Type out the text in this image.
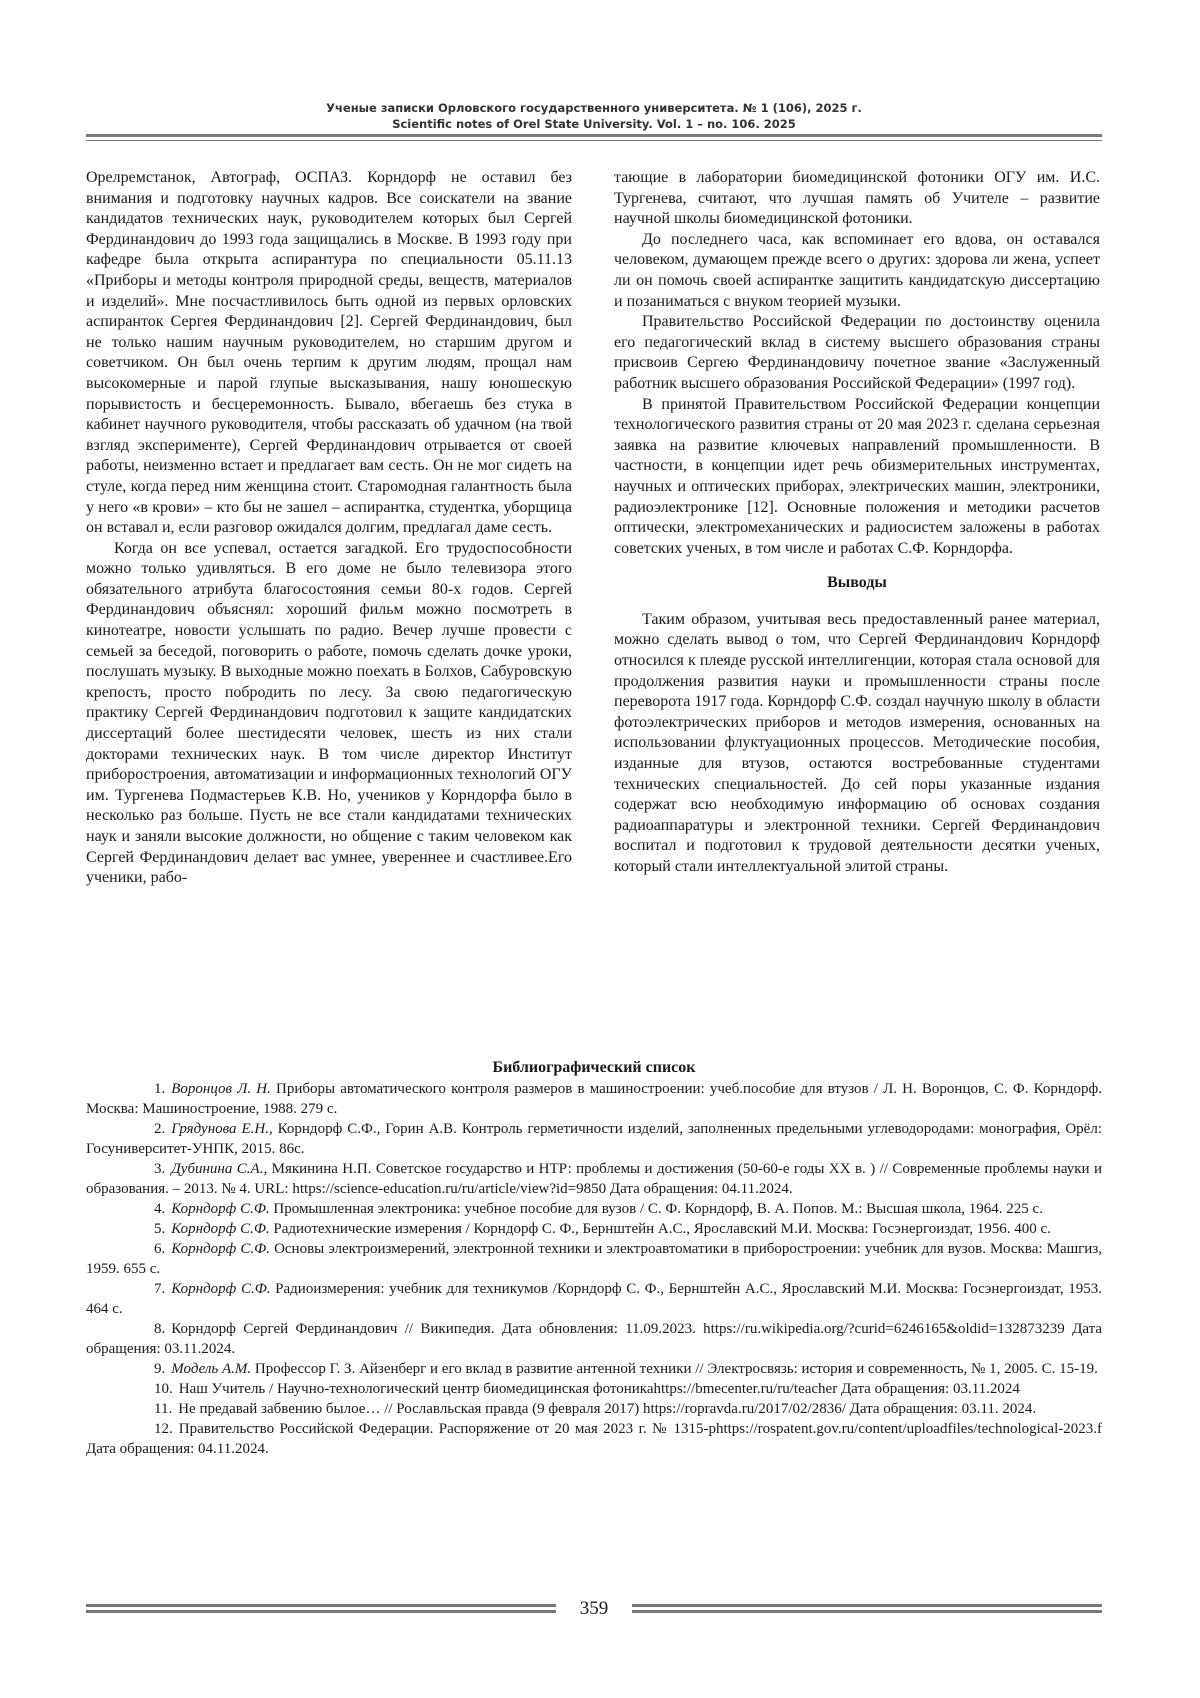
Ученые записки Орловского государственного университета. № 1 (106), 2025 г.
Scientific notes of Orel State University. Vol. 1 – no. 106. 2025

Орелремстанок, Автограф, ОСПАЗ. Корндорф не оставил без внимания и подготовку научных кадров. Все соискатели на звание кандидатов технических наук, руководителем которых был Сергей Фердинандович до 1993 года защищались в Москве. В 1993 году при кафедре была открыта аспирантура по специальности 05.11.13 «Приборы и методы контроля природной среды, веществ, материалов и изделий». Мне посчастливилось быть одной из первых орловских аспиранток Сергея Фердинандович [2]. Сергей Фердинандович, был не только нашим научным руководителем, но старшим другом и советчиком. Он был очень терпим к другим людям, прощал нам высокомерные и парой глупые высказывания, нашу юношескую порывистость и бесцеремонность. Бывало, вбегаешь без стука в кабинет научного руководителя, чтобы рассказать об удачном (на твой взгляд эксперименте), Сергей Фердинандович отрывается от своей работы, неизменно встает и предлагает вам сесть. Он не мог сидеть на стуле, когда перед ним женщина стоит. Старомодная галантность была у него «в крови» – кто бы не зашел – аспирантка, студентка, уборщица он вставал и, если разговор ожидался долгим, предлагал даме сесть.

Когда он все успевал, остается загадкой. Его трудоспособности можно только удивляться. В его доме не было телевизора этого обязательного атрибута благосостояния семьи 80-х годов. Сергей Фердинандович объяснял: хороший фильм можно посмотреть в кинотеатре, новости услышать по радио. Вечер лучше провести с семьей за беседой, поговорить о работе, помочь сделать дочке уроки, послушать музыку. В выходные можно поехать в Болхов, Сабуровскую крепость, просто побродить по лесу. За свою педагогическую практику Сергей Фердинандович подготовил к защите кандидатских диссертаций более шестидесяти человек, шесть из них стали докторами технических наук. В том числе директор Институт приборостроения, автоматизации и информационных технологий ОГУ им. Тургенева Подмастерьев К.В. Но, учеников у Корндорфа было в несколько раз больше. Пусть не все стали кандидатами технических наук и заняли высокие должности, но общение с таким человеком как Сергей Фердинандович делает вас умнее, увереннее и счастливее.Его ученики, рабо-

тающие в лаборатории биомедицинской фотоники ОГУ им. И.С. Тургенева, считают, что лучшая память об Учителе – развитие научной школы биомедицинской фотоники.

До последнего часа, как вспоминает его вдова, он оставался человеком, думающем прежде всего о других: здорова ли жена, успеет ли он помочь своей аспирантке защитить кандидатскую диссертацию и позаниматься с внуком теорией музыки.

Правительство Российской Федерации по достоинству оценила его педагогический вклад в систему высшего образования страны присвоив Сергею Фердинандовичу почетное звание «Заслуженный работник высшего образования Российской Федерации» (1997 год).

В принятой Правительством Российской Федерации концепции технологического развития страны от 20 мая 2023 г. сделана серьезная заявка на развитие ключевых направлений промышленности. В частности, в концепции идет речь обизмерительных инструментах, научных и оптических приборах, электрических машин, электроники, радиоэлектронике [12]. Основные положения и методики расчетов оптически, электромеханических и радиосистем заложены в работах советских ученых, в том числе и работах С.Ф. Корндорфа.

Выводы

Таким образом, учитывая весь предоставленный ранее материал, можно сделать вывод о том, что Сергей Фердинандович Корндорф относился к плеяде русской интеллигенции, которая стала основой для продолжения развития науки и промышленности страны после переворота 1917 года. Корндорф С.Ф. создал научную школу в области фотоэлектрических приборов и методов измерения, основанных на использовании флуктуационных процессов. Методические пособия, изданные для втузов, остаются востребованные студентами технических специальностей. До сей поры указанные издания содержат всю необходимую информацию об основах создания радиоаппаратуры и электронной техники. Сергей Фердинандович воспитал и подготовил к трудовой деятельности десятки ученых, который стали интеллектуальной элитой страны.

Библиографический список
1. Воронцов Л. Н. Приборы автоматического контроля размеров в машиностроении: учеб.пособие для втузов / Л. Н. Воронцов, С. Ф. Корндорф. Москва: Машиностроение, 1988. 279 с.
2. Грядунова Е.Н., Корндорф С.Ф., Горин А.В. Контроль герметичности изделий, заполненных предельными углеводородами: монография, Орёл: Госуниверситет-УНПК, 2015. 86с.
3. Дубинина С.А., Мякинина Н.П. Советское государство и НТР: проблемы и достижения (50-60-е годы XX в. ) // Современные проблемы науки и образования. – 2013. № 4. URL: https://science-education.ru/ru/article/view?id=9850 Дата обращения: 04.11.2024.
4. Корндорф С.Ф. Промышленная электроника: учебное пособие для вузов / С. Ф. Корндорф, В. А. Попов. М.: Высшая школа, 1964. 225 с.
5. Корндорф С.Ф. Радиотехнические измерения / Корндорф С. Ф., Бернштейн А.С., Ярославский М.И. Москва: Госэнергоиздат, 1956. 400 с.
6. Корндорф С.Ф. Основы электроизмерений, электронной техники и электроавтоматики в приборостроении: учебник для вузов. Москва: Машгиз, 1959. 655 с.
7. Корндорф С.Ф. Радиоизмерения: учебник для техникумов /Корндорф С. Ф., Бернштейн А.С., Ярославский М.И. Москва: Госэнергоиздат, 1953. 464 с.
8. Корндорф Сергей Фердинандович // Википедия. Дата обновления: 11.09.2023. https://ru.wikipedia.org/?curid=6246165&oldid=132873239 Дата обращения: 03.11.2024.
9. Модель А.М. Профессор Г. З. Айзенберг и его вклад в развитие антенной техники // Электросвязь: история и современность, № 1, 2005. С. 15-19.
10. Наш Учитель / Научно-технологический центр биомедицинская фотоникаhttps://bmecenter.ru/ru/teacher Дата обращения: 03.11.2024
11. Не предавай забвению былое… // Рославльская правда (9 февраля 2017) https://ropravda.ru/2017/02/2836/ Дата обращения: 03.11. 2024.
12. Правительство Российской Федерации. Распоряжение от 20 мая 2023 г. № 1315-phttps://rospatent.gov.ru/content/uploadfiles/technological-2023.f Дата обращения: 04.11.2024.
359
